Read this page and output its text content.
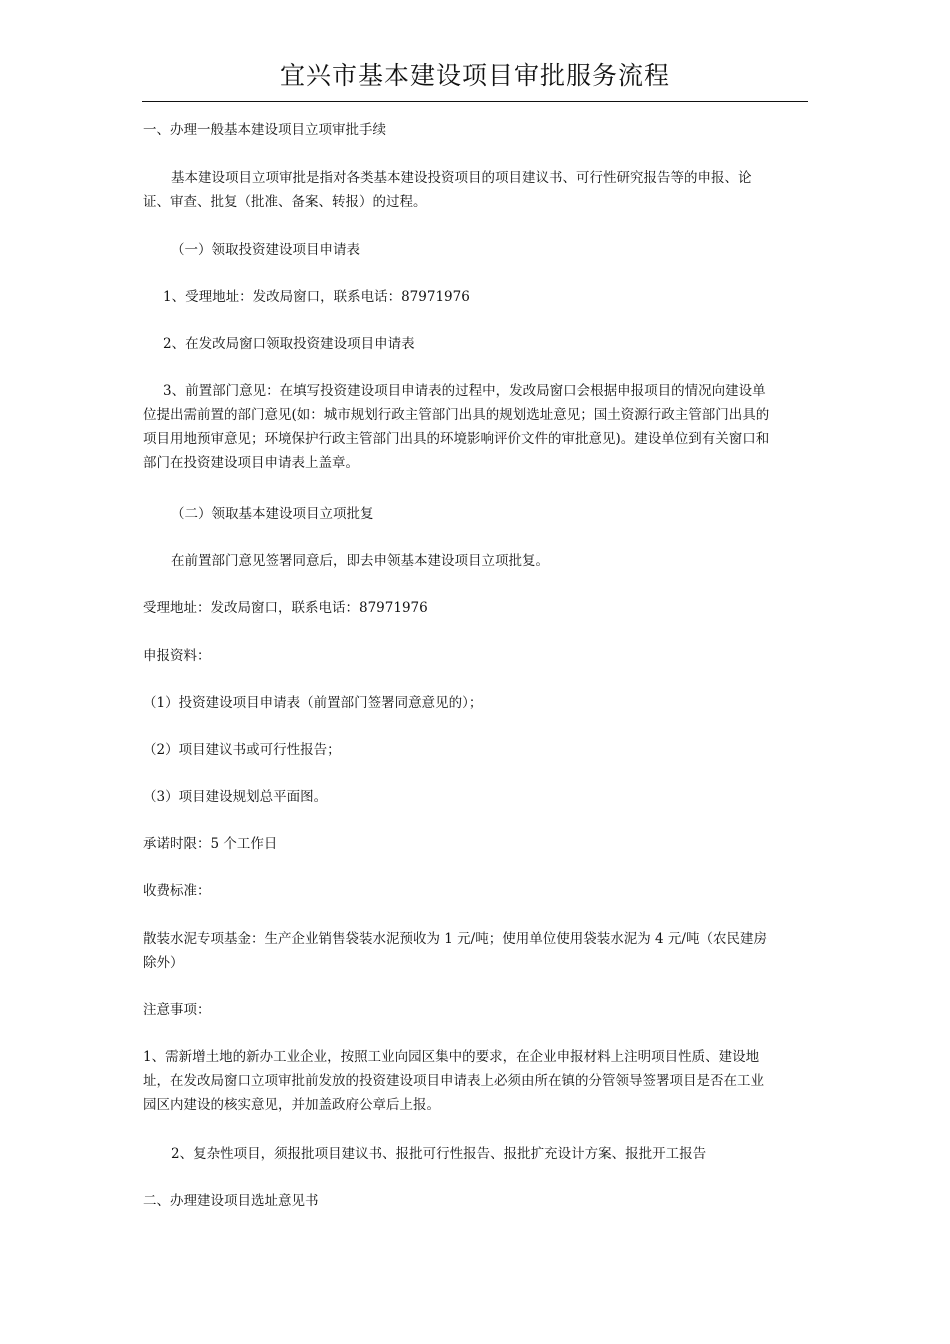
宜兴市基本建设项目审批服务流程

一、办理一般基本建设项目立项审批手续

基本建设项目立项审批是指对各类基本建设投资项目的项目建议书、可行性研究报告等的申报、论证、审查、批复（批准、备案、转报）的过程。

（一）领取投资建设项目申请表

1、受理地址：发改局窗口，联系电话：87971976

2、在发改局窗口领取投资建设项目申请表

3、前置部门意见：在填写投资建设项目申请表的过程中，发改局窗口会根据申报项目的情况向建设单位提出需前置的部门意见(如：城市规划行政主管部门出具的规划选址意见；国土资源行政主管部门出具的项目用地预审意见；环境保护行政主管部门出具的环境影响评价文件的审批意见)。建设单位到有关窗口和部门在投资建设项目申请表上盖章。

（二）领取基本建设项目立项批复

在前置部门意见签署同意后，即去申领基本建设项目立项批复。

受理地址：发改局窗口，联系电话：87971976

申报资料：

（1）投资建设项目申请表（前置部门签署同意意见的）；

（2）项目建议书或可行性报告；

（3）项目建设规划总平面图。

承诺时限：5 个工作日

收费标准：

散装水泥专项基金：生产企业销售袋装水泥预收为 1 元/吨；使用单位使用袋装水泥为 4 元/吨（农民建房除外）

注意事项：

1、需新增土地的新办工业企业，按照工业向园区集中的要求，在企业申报材料上注明项目性质、建设地址，在发改局窗口立项审批前发放的投资建设项目申请表上必须由所在镇的分管领导签署项目是否在工业园区内建设的核实意见，并加盖政府公章后上报。

2、复杂性项目，须报批项目建议书、报批可行性报告、报批扩充设计方案、报批开工报告

二、办理建设项目选址意见书
